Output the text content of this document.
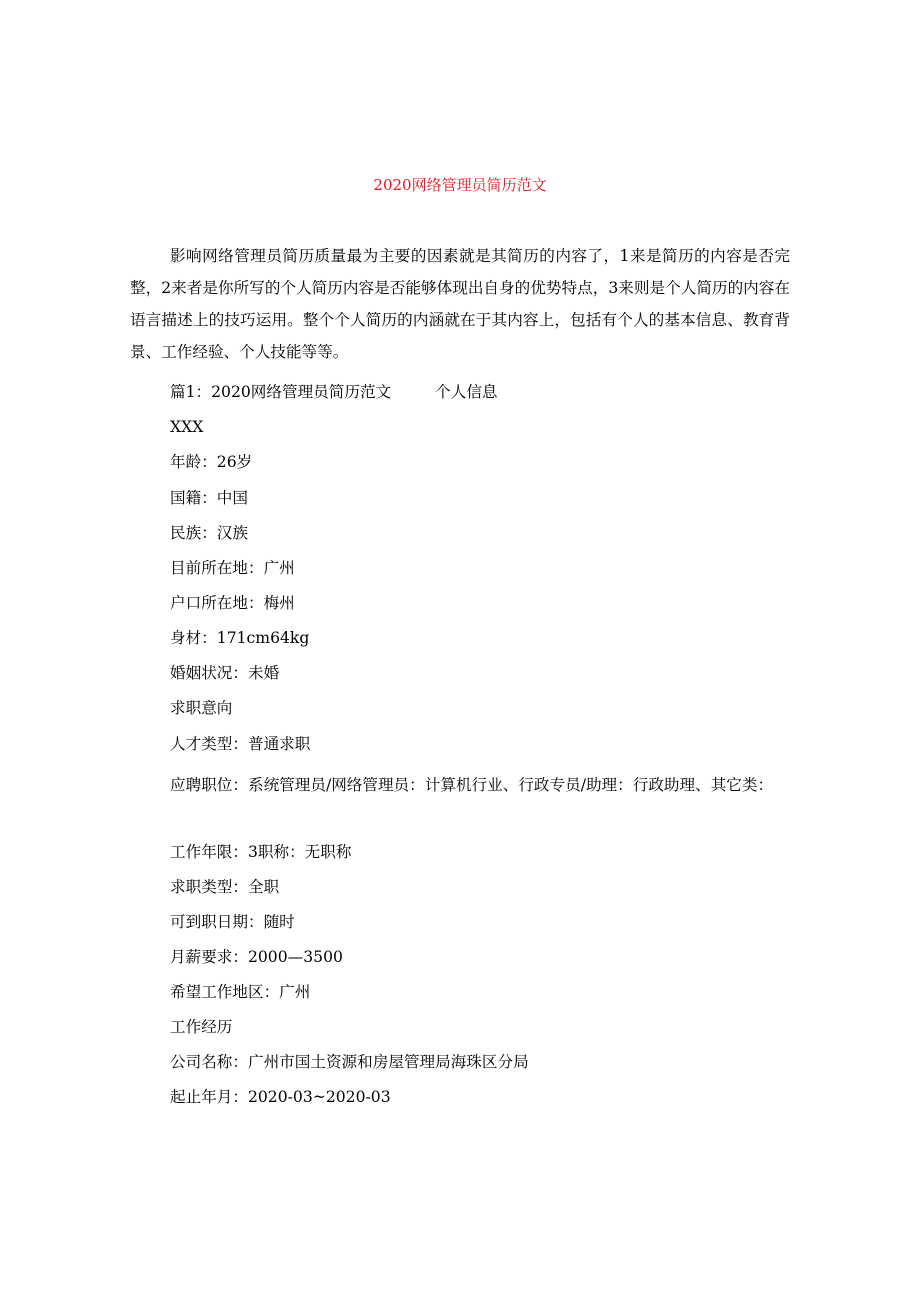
2020网络管理员简历范文

影响网络管理员简历质量最为主要的因素就是其简历的内容了，1来是简历的内容是否完整，2来者是你所写的个人简历内容是否能够体现出自身的优势特点，3来则是个人简历的内容在语言描述上的技巧运用。整个个人简历的内涵就在于其内容上，包括有个人的基本信息、教育背景、工作经验、个人技能等等。

篇1：2020网络管理员简历范文	个人信息

XXX

年龄：26岁

国籍：中国

民族：汉族

目前所在地：广州

户口所在地：梅州

身材：171cm64kg

婚姻状况：未婚

求职意向

人才类型：普通求职

应聘职位：系统管理员/网络管理员：计算机行业、行政专员/助理：行政助理、其它类：

工作年限：3职称：无职称

求职类型：全职

可到职日期：随时

月薪要求：2000—3500

希望工作地区：广州

工作经历

公司名称：广州市国土资源和房屋管理局海珠区分局

起止年月：2020-03~2020-03
